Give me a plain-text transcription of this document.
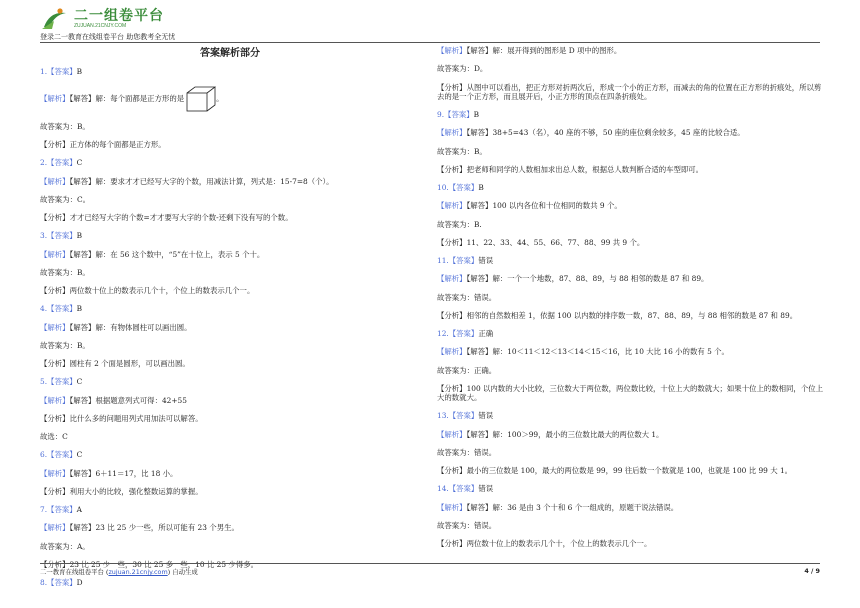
二一组卷平台
ZUJUAN.21CNJY.COM
登录二一教育在线组卷平台 助您教考全无忧
答案解析部分
1.【答案】B
【解析】【解答】解：每个面都是正方形的是	。
故答案为：B。
【分析】正方体的每个面都是正方形。
2.【答案】C
【解析】【解答】解：要求才才已经写大字的个数，用减法计算，列式是：15-7=8（个）。
故答案为：C。
【分析】才才已经写大字的个数=才才要写大字的个数-还剩下没有写的个数。
3.【答案】B
【解析】【解答】解：在 56 这个数中，“5”在十位上，表示 5 个十。
故答案为：B。
【分析】两位数十位上的数表示几个十，个位上的数表示几个一。
4.【答案】B
【解析】【解答】解：有物体圆柱可以画出圆。
故答案为：B。
【分析】圆柱有 2 个面是圆形，可以画出圆。
5.【答案】C
【解析】【解答】根据题意列式可得：42+55
【分析】比什么多的问题用列式用加法可以解答。
故选：C
6.【答案】C
【解析】【解答】6＋11＝17，比 18 小。
【分析】利用大小的比较，强化整数运算的掌握。
7.【答案】A
【解析】【解答】23 比 25 少一些，所以可能有 23 个男生。
故答案为：A。
【分析】23 比 25 少一些，30 比 25 多一些，10 比 25 少得多。
8.【答案】D
【解析】【解答】解：展开得到的图形是 D 项中的图形。
故答案为：D。
【分析】从图中可以看出，把正方形对折两次后，形成一个小的正方形，而减去的角的位置在正方形的折痕处，所以剪去的是一个正方形，而且展开后，小正方形的顶点在四条折痕处。
9.【答案】B
【解析】【解答】38+5=43（名），40 座的不够，50 座的座位剩余较多，45 座的比较合适。
故答案为：B。
【分析】把老师和同学的人数相加求出总人数，根据总人数判断合适的车型即可。
10.【答案】B
【解析】【解答】100 以内各位和十位相同的数共 9 个。
故答案为：B.
【分析】11、22、33、44、55、66、77、88、99 共 9 个。
11.【答案】错误
【解析】【解答】解：一个一个地数，87、88、89，与 88 相邻的数是 87 和 89。
故答案为：错误。
【分析】相邻的自然数相差 1，依据 100 以内数的排序数一数，87、88、89，与 88 相邻的数是 87 和 89。
12.【答案】正确
【解析】【解答】解：10＜11＜12＜13＜14＜15＜16，比 10 大比 16 小的数有 5 个。
故答案为：正确。
【分析】100 以内数的大小比较，三位数大于两位数，两位数比较，十位上大的数就大；如果十位上的数相同，个位上大的数就大。
13.【答案】错误
【解析】【解答】解：100＞99，最小的三位数比最大的两位数大 1。
故答案为：错误。
【分析】最小的三位数是 100，最大的两位数是 99，99 往后数一个数就是 100，也就是 100 比 99 大 1。
14.【答案】错误
【解析】【解答】解：36 是由 3 个十和 6 个一组成的，原题干说法错误。
故答案为：错误。
【分析】两位数十位上的数表示几个十，个位上的数表示几个一。
二一教育在线组卷平台 (zujuan.21cnjy.com) 自动生成	4 / 9
